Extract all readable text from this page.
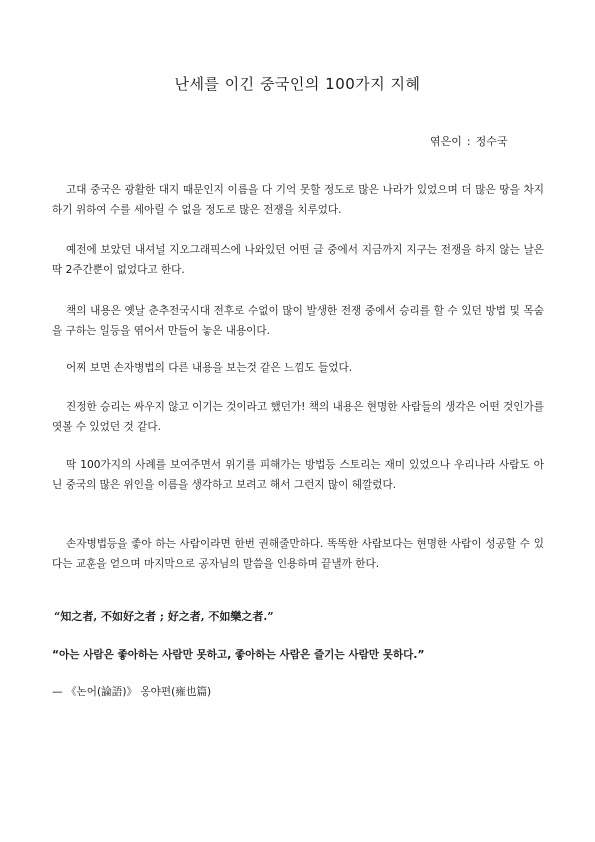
난세를 이긴 중국인의 100가지 지혜
엮은이 : 정수국

고대 중국은 광활한 대지 때문인지 이름을 다 기억 못할 정도로 많은 나라가 있었으며 더 많은 땅을 차지하기 위하여 수를 세아릴 수 없을 정도로 많은 전쟁을 치루었다.

예전에 보았던 내셔널 지오그래픽스에 나와있던 어떤 글 중에서 지금까지 지구는 전쟁을 하지 않는 날은 딱 2주간뿐이 없었다고 한다.

책의 내용은 옛날 춘추전국시대 전후로 수없이 많이 발생한 전쟁 중에서 승리를 할 수 있던 방법 및 목숨을 구하는 일등을 엮어서 만들어 놓은 내용이다.

어찌 보면 손자병법의 다른 내용을 보는것 같은 느낌도 들었다.

진정한 승리는 싸우지 않고 이기는 것이라고 했던가! 책의 내용은 현명한 사람들의 생각은 어떤 것인가를 엿볼 수 있었던 것 같다.

딱 100가지의 사례를 보여주면서 위기를 피해가는 방법등 스토리는 재미 있었으나 우리나라 사람도 아닌 중국의 많은 위인을 이름을 생각하고 보려고 해서 그런지 많이 헤깔렸다.

손자병법등을 좋아 하는 사람이라면 한번 권해줄만하다. 똑똑한 사람보다는 현명한 사람이 성공할 수 있다는 교훈을 얻으며 마지막으로 공자님의 말씀을 인용하며 끝낼까 한다.

“知之者, 不如好之者 ; 好之者, 不如樂之者.”
“아는 사람은 좋아하는 사람만 못하고, 좋아하는 사람은 즐기는 사람만 못하다.”
— 《논어(論語)》 옹야편(雍也篇)
